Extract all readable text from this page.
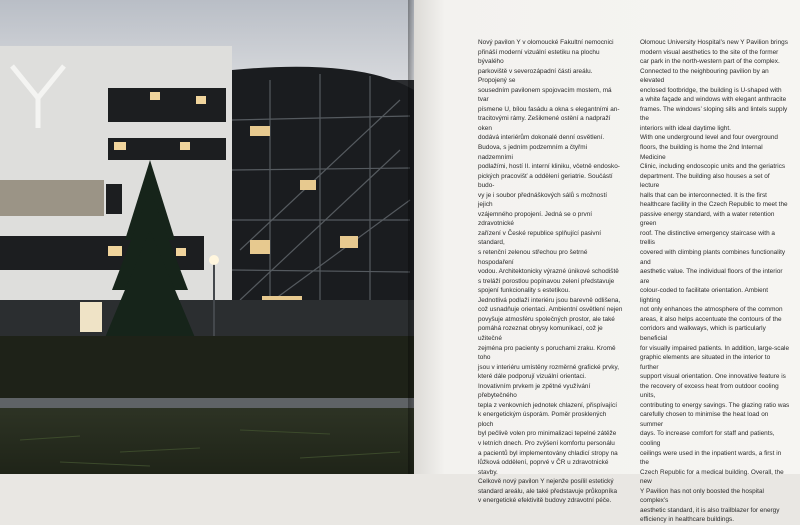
Nový pavilon Y v olomoucké Fakultní nemocnici
přináší moderní vizuální estetiku na plochu bývalého
parkoviště v severozápadní části areálu. Propojený se
sousedním pavilonem spojovacím mostem, má tvar
písmene U, bílou fasádu a okna s elegantními an-
tracitovými rámy. Zešikmené ostění a nadpraží oken
dodává interiérům dokonalé denní osvětlení.
Budova, s jedním podzemním a čtyřmi nadzemními
podlažími, hostí II. interní kliniku, včetně endosko-
pických pracovišť a oddělení geriatrie. Součástí budo-
vy je i soubor přednáškových sálů s možností jejich
vzájemného propojení. Jedná se o první zdravotnické
zařízení v České republice splňující pasivní standard,
s retenční zelenou střechou pro šetrné hospodaření
vodou. Architektonicky výrazné únikové schodiště
s treláží porostlou popínavou zelení představuje
spojení funkcionality s estetikou.
Jednotlivá podlaží interiéru jsou barevně odlišena,
což usnadňuje orientaci. Ambientní osvětlení nejen
povyšuje atmosféru společných prostor, ale také
pomáhá rozeznat obrysy komunikací, což je užitečné
zejména pro pacienty s poruchami zraku. Kromě toho
jsou v interiéru umístěny rozměrné grafické prvky,
které dále podporují vizuální orientaci.
Inovativním prvkem je zpětné využívání přebytečného
tepla z venkovních jednotek chlazení, přispívající
k energetickým úsporám. Poměr prosklených ploch
byl pečlivě volen pro minimalizaci tepelné zátěže
v letních dnech. Pro zvýšení komfortu personálu
a pacientů byl implementovány chladicí stropy na
lůžková oddělení, poprvé v ČR u zdravotnické stavby.
Celkově nový pavilon Y nejenže posílil estetický
standard areálu, ale také představuje průkopníka
v energetické efektivitě budovy zdravotní péče.

Olomouc University Hospital’s new Y Pavilion brings
modern visual aesthetics to the site of the former
car park in the north-western part of the complex.
Connected to the neighbouring pavilion by an elevated
enclosed footbridge, the building is U-shaped with
a white façade and windows with elegant anthracite
frames. The windows’ sloping sills and lintels supply the
interiors with ideal daytime light.
With one underground level and four overground
floors, the building is home the 2nd Internal Medicine
Clinic, including endoscopic units and the geriatrics
department. The building also houses a set of lecture
halls that can be interconnected. It is the first
healthcare facility in the Czech Republic to meet the
passive energy standard, with a water retention green
roof. The distinctive emergency staircase with a trellis
covered with climbing plants combines functionality and
aesthetic value. The individual floors of the interior are
colour-coded to facilitate orientation. Ambient lighting
not only enhances the atmosphere of the common
areas, it also helps accentuate the contours of the
corridors and walkways, which is particularly beneficial
for visually impaired patients. In addition, large-scale
graphic elements are situated in the interior to further
support visual orientation. One innovative feature is
the recovery of excess heat from outdoor cooling units,
contributing to energy savings. The glazing ratio was
carefully chosen to minimise the heat load on summer
days. To increase comfort for staff and patients, cooling
ceilings were used in the inpatient wards, a first in the
Czech Republic for a medical building. Overall, the new
Y Pavilion has not only boosted the hospital complex’s
aesthetic standard, it is also trailblazer for energy
efficiency in healthcare buildings.
